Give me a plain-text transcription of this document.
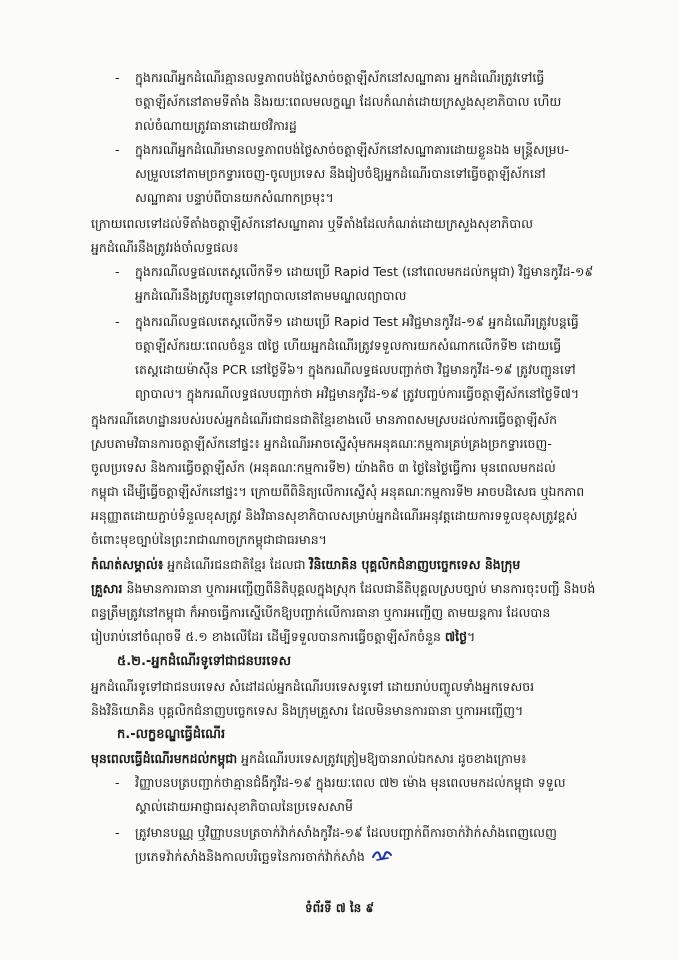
- ក្នុងករណីអ្នកដំណើរគ្មានលទ្ធភាពបង់ថ្លៃសាច់ចត្តាឡីស័កនៅសណ្ឋាគារ អ្នកដំណើរត្រូវទៅធ្វើ
ចត្តាឡីស័កនៅតាមទីតាំង និងរយៈពេលមលក្ខណ្ឌ ដែលកំណត់ដោយក្រសួងសុខាភិបាល ហើយ
រាល់ចំណាយត្រូវធានាដោយថវិការដ្ឋ
- ក្នុងករណីអ្នកដំណើរមានលទ្ធភាពបង់ថ្លៃសាច់ចត្តាឡីស័កនៅសណ្ឋាគារដោយខ្លួនឯង មន្ត្រីសម្រប-
សម្រួលនៅតាមច្រកទ្វារចេញ-ចូលប្រទេស នឹងរៀបចំឱ្យអ្នកដំណើរបានទៅធ្វើចត្តាឡីស័កនៅ
សណ្ឋាគារ បន្ទាប់ពីបានយកសំណាកច្រមុះ។
ក្រោយពេលទៅដល់ទីតាំងចត្តាឡីស័កនៅសណ្ឋាគារ ឬទីតាំងដែលកំណត់ដោយក្រសួងសុខាភិបាល
អ្នកដំណើរនឹងត្រូវរង់ចាំលទ្ធផល៖
- ក្នុងករណីលទ្ធផលតេស្តលើកទី១ ដោយប្រើ Rapid Test (នៅពេលមកដល់កម្ពុជា) វិជ្ជមានកូវីដ-១៩
អ្នកដំណើរនឹងត្រូវបញ្ជូនទៅព្យាបាលនៅតាមមណ្ឌលព្យាបាល
- ក្នុងករណីលទ្ធផលតេស្តលើកទី១ ដោយប្រើ Rapid Test អវិជ្ជមានកូវីដ-១៩ អ្នកដំណើរត្រូវបន្តធ្វើ
ចត្តាឡីស័ករយៈពេលចំនួន ៧ថ្ងៃ ហើយអ្នកដំណើរត្រូវទទួលការយកសំណាកលើកទី២ ដោយធ្វើ
តេស្តដោយម៉ាស៊ីន PCR នៅថ្ងៃទី៦។ ក្នុងករណីលទ្ធផលបញ្ជាក់ថា វិជ្ជមានកូវីដ-១៩ ត្រូវបញ្ជូនទៅ
ព្យាបាល។ ក្នុងករណីលទ្ធផលបញ្ជាក់ថា អវិជ្ជមានកូវីដ-១៩ ត្រូវបញ្ចប់ការធ្វើចត្តាឡីស័កនៅថ្ងៃទី៧។
ក្នុងករណីគេហដ្ឋានរបស់របស់អ្នកដំណើរជាជនជាតិខ្មែរខាងលើ មានភាពសមស្របដល់ការធ្វើចត្តាឡីស័ក
ស្របតាមវិធានការចត្តាឡីស័កនៅផ្ទះ៖ អ្នកដំណើរអាចស្នើសុំមកអនុគណៈកម្មការគ្រប់គ្រងច្រកទ្វារចេញ-
ចូលប្រទេស និងការធ្វើចត្តាឡីស័ក (អនុគណៈកម្មការទី២) យ៉ាងតិច ៣ ថ្ងៃនៃថ្ងៃធ្វើការ មុនពេលមកដល់
កម្ពុជា ដើម្បីធ្វើចត្តាឡីស័កនៅផ្ទះ។ ក្រោយពីពិនិត្យលើការស្នើសុំ អនុគណៈកម្មការទី២ អាចបដិសេធ ឬឯកភាព
អនុញ្ញាតដោយភ្ជាប់ទំនួលខុសត្រូវ និងវិធានសុខាភិបាលសម្រាប់អ្នកដំណើរអនុវត្តដោយការទទួលខុសត្រូវខ្ពស់
ចំពោះមុខច្បាប់នៃព្រះរាជាណាចក្រកម្ពុជាជាធរមាន។
កំណត់សម្គាល់៖ អ្នកដំណើរជនជាតិខ្មែរ ដែលជា វិនិយោគិន បុគ្គលិកជំនាញបច្ចេកទេស និងក្រុម
គ្រួសារ និងមានការធានា ឬការអញ្ជើញពីនិតិបុគ្គលក្នុងស្រុក ដែលជានីតិបុគ្គលស្របច្បាប់ មានការចុះបញ្ជី និងបង់
ពន្ធត្រឹមត្រូវនៅកម្ពុជា ក៏អាចធ្វើការស្នើបើកឱ្យបញ្ជាក់លើការធានា ឬការអញ្ជើញ តាមយន្តការ ដែលបាន
រៀបរាប់នៅចំណុចទី ៥.១ ខាងលើដែរ ដើម្បីទទួលបានការធ្វើចត្តាឡីស័កចំនួន ៧ថ្ងៃ។
៥.២.-អ្នកដំណើរទូទៅជាជនបរទេស
អ្នកដំណើរទូទៅជាជនបរទេស សំដៅដល់អ្នកដំណើរបរទេសទូទៅ ដោយរាប់បញ្ចូលទាំងអ្នកទេសចរ
និងវិនិយោគិន បុគ្គលិកជំនាញបច្ចេកទេស និងក្រុមគ្រួសារ ដែលមិនមានការធានា ឬការអញ្ជើញ។
ក.-លក្ខខណ្ឌធ្វើដំណើរ
មុនពេលធ្វើដំណើរមកដល់កម្ពុជា អ្នកដំណើរបរទេសត្រូវត្រៀមឱ្យបានរាល់ឯកសារ ដូចខាងក្រោម៖
- វិញ្ញាបនបត្របញ្ជាក់ថាគ្មានជំងឺកូវីដ-១៩ ក្នុងរយៈពេល ៧២ ម៉ោង មុនពេលមកដល់កម្ពុជា ទទួល
ស្គាល់ដោយអាជ្ញាធរសុខាភិបាលនៃប្រទេសសាមី
- ត្រូវមានបណ្ណ ឬវិញ្ញាបនបត្រចាក់វ៉ាក់សាំងកូវីដ-១៩ ដែលបញ្ជាក់ពីការចាក់វ៉ាក់សាំងពេញលេញ
ប្រភេទវ៉ាក់សាំងនិងកាលបរិច្ឆេទនៃការចាក់វ៉ាក់សាំង
ទំព័រទី ៧ នៃ ៩
